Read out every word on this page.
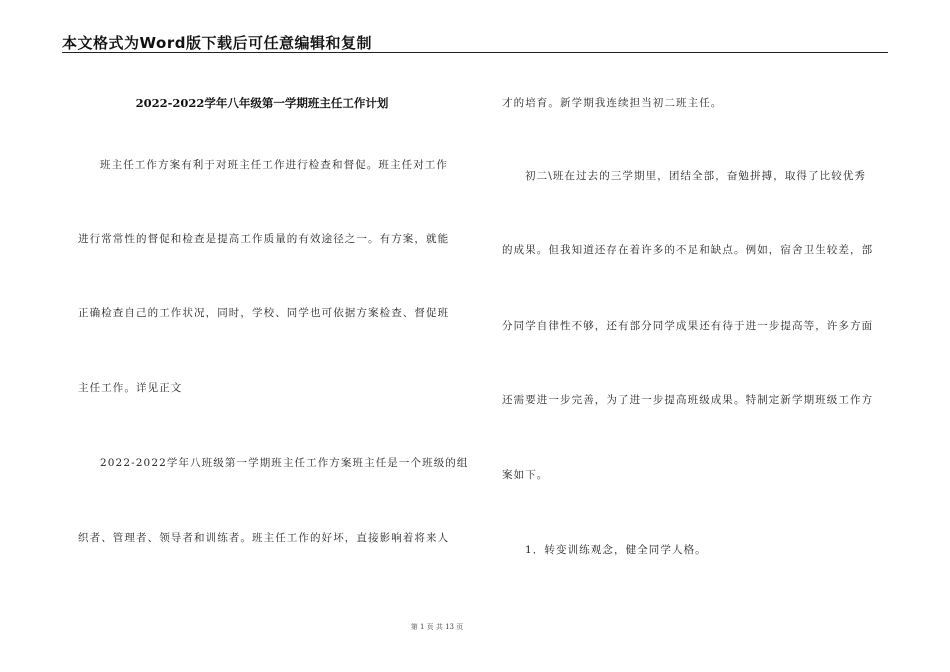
本文格式为Word版下载后可任意编辑和复制
2022-2022学年八年级第一学期班主任工作计划
班主任工作方案有利于对班主任工作进行检查和督促。班主任对工作
进行常常性的督促和检查是提高工作质量的有效途径之一。有方案，就能
正确检查自己的工作状况，同时，学校、同学也可依据方案检查、督促班
主任工作。详见正文
2022-2022学年八班级第一学期班主任工作方案班主任是一个班级的组
织者、管理者、领导者和训练者。班主任工作的好坏，直接影响着将来人
才的培育。新学期我连续担当初二班主任。
初二\班在过去的三学期里，团结全部，奋勉拼搏，取得了比较优秀
的成果。但我知道还存在着许多的不足和缺点。例如，宿舍卫生较差，部
分同学自律性不够，还有部分同学成果还有待于进一步提高等，许多方面
还需要进一步完善，为了进一步提高班级成果。特制定新学期班级工作方
案如下。
1．转变训练观念，健全同学人格。
第 1 页 共 13 页
